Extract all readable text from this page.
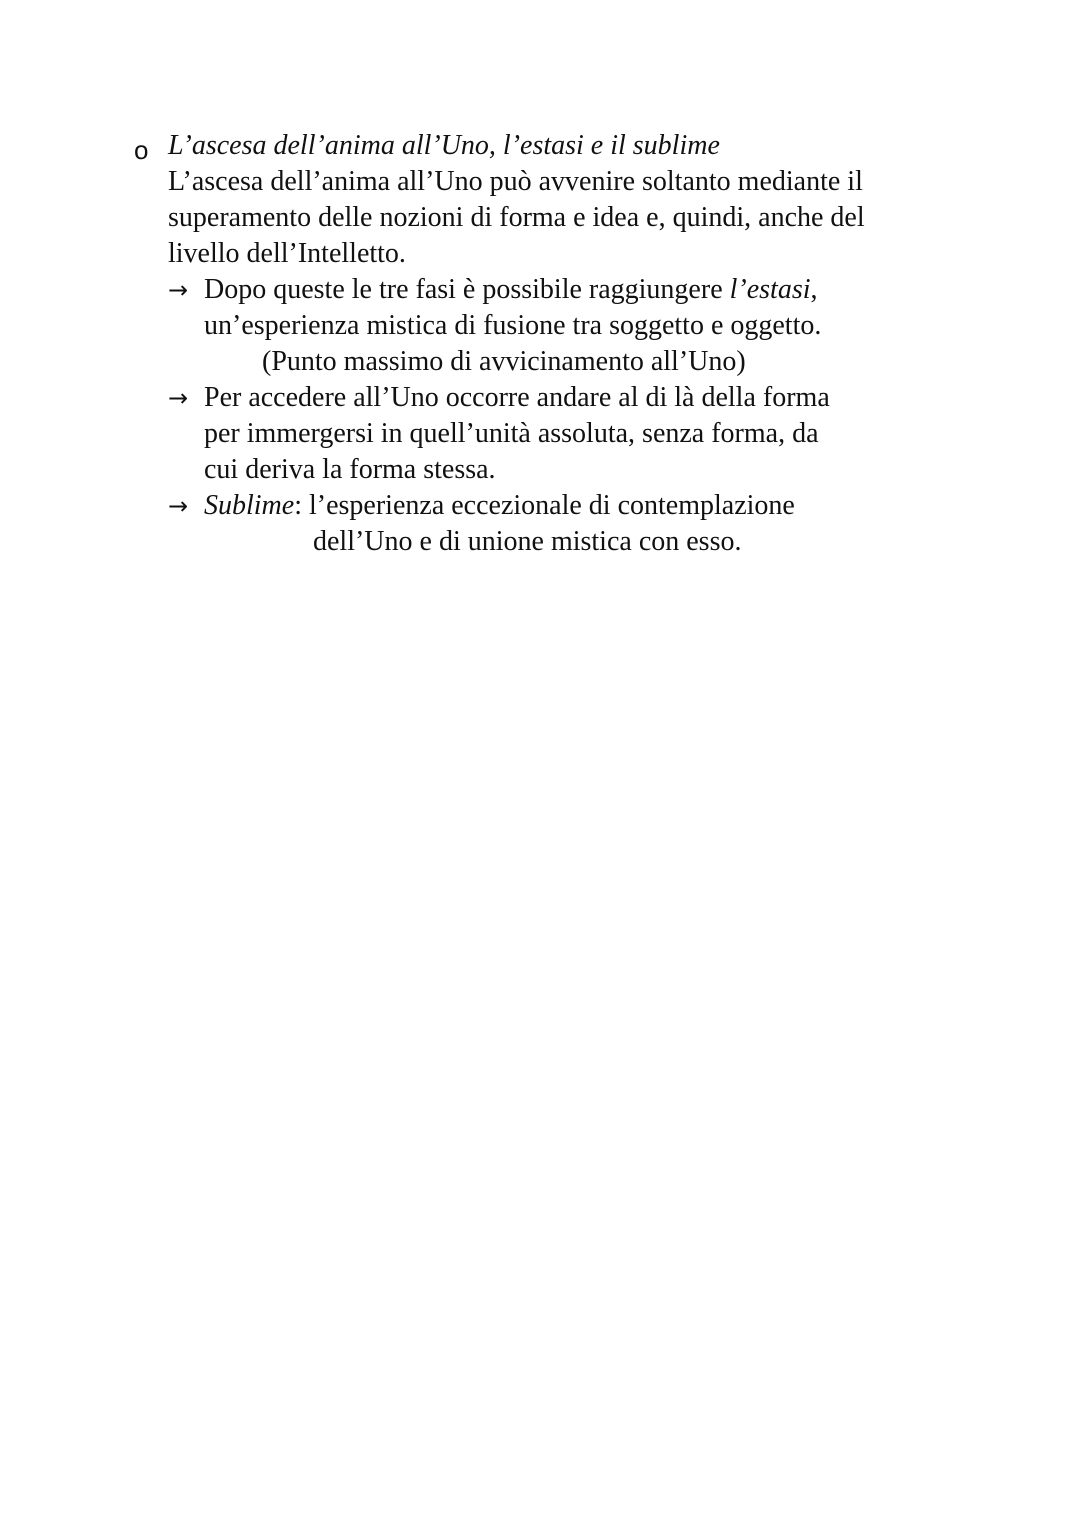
o L’ascesa dell’anima all’Uno, l’estasi e il sublime
L’ascesa dell’anima all’Uno può avvenire soltanto mediante il
superamento delle nozioni di forma e idea e, quindi, anche del
livello dell’Intelletto.
→ Dopo queste le tre fasi è possibile raggiungere l’estasi,
un’esperienza mistica di fusione tra soggetto e oggetto.
(Punto massimo di avvicinamento all’Uno)
→ Per accedere all’Uno occorre andare al di là della forma
per immergersi in quell’unità assoluta, senza forma, da
cui deriva la forma stessa.
→ Sublime: l’esperienza eccezionale di contemplazione
dell’Uno e di unione mistica con esso.
